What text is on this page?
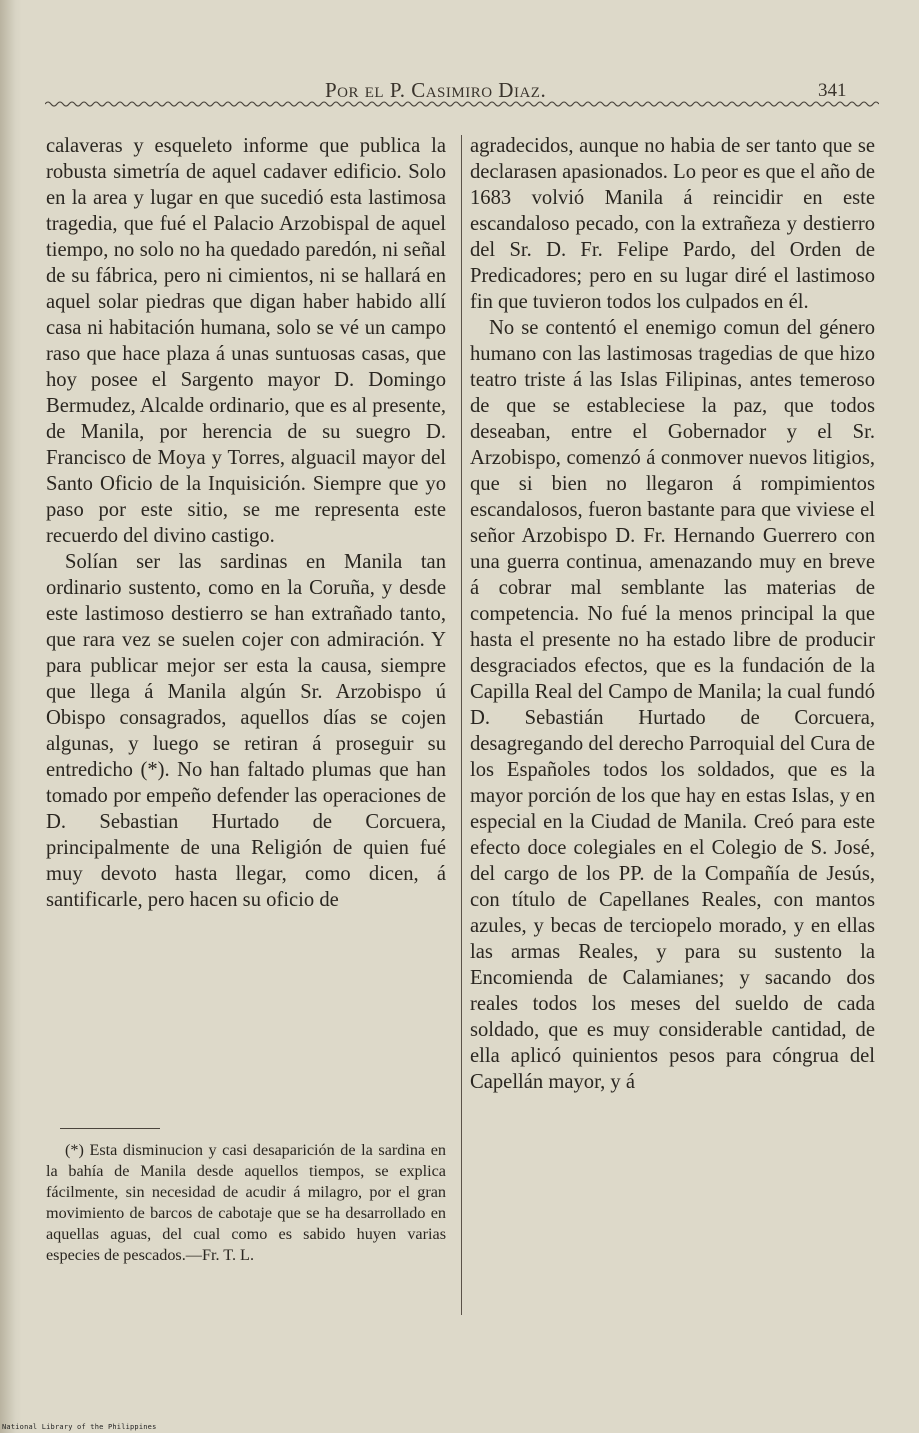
Por el P. Casimiro Diaz.	341

calaveras y esqueleto informe que publica la robusta simetría de aquel cadaver edificio. Solo en la area y lugar en que sucedió esta lastimosa tragedia, que fué el Palacio Arzobispal de aquel tiempo, no solo no ha quedado paredón, ni señal de su fábrica, pero ni cimientos, ni se hallará en aquel solar piedras que digan haber habido allí casa ni habitación humana, solo se vé un campo raso que hace plaza á unas suntuosas casas, que hoy posee el Sargento mayor D. Domingo Bermudez, Alcalde ordinario, que es al presente, de Manila, por herencia de su suegro D. Francisco de Moya y Torres, alguacil mayor del Santo Oficio de la Inquisición. Siempre que yo paso por este sitio, se me representa este recuerdo del divino castigo.

Solían ser las sardinas en Manila tan ordinario sustento, como en la Coruña, y desde este lastimoso destierro se han extrañado tanto, que rara vez se suelen cojer con admiración. Y para publicar mejor ser esta la causa, siempre que llega á Manila algún Sr. Arzobispo ú Obispo consagrados, aquellos días se cojen algunas, y luego se retiran á proseguir su entredicho (*). No han faltado plumas que han tomado por empeño defender las operaciones de D. Sebastian Hurtado de Corcuera, principalmente de una Religión de quien fué muy devoto hasta llegar, como dicen, á santificarle, pero hacen su oficio de

agradecidos, aunque no habia de ser tanto que se declarasen apasionados. Lo peor es que el año de 1683 volvió Manila á reincidir en este escandaloso pecado, con la extrañeza y destierro del Sr. D. Fr. Felipe Pardo, del Orden de Predicadores; pero en su lugar diré el lastimoso fin que tuvieron todos los culpados en él.

No se contentó el enemigo comun del género humano con las lastimosas tragedias de que hizo teatro triste á las Islas Filipinas, antes temeroso de que se estableciese la paz, que todos deseaban, entre el Gobernador y el Sr. Arzobispo, comenzó á conmover nuevos litigios, que si bien no llegaron á rompimientos escandalosos, fueron bastante para que viviese el señor Arzobispo D. Fr. Hernando Guerrero con una guerra continua, amenazando muy en breve á cobrar mal semblante las materias de competencia. No fué la menos principal la que hasta el presente no ha estado libre de producir desgraciados efectos, que es la fundación de la Capilla Real del Campo de Manila; la cual fundó D. Sebastián Hurtado de Corcuera, desagregando del derecho Parroquial del Cura de los Españoles todos los soldados, que es la mayor porción de los que hay en estas Islas, y en especial en la Ciudad de Manila. Creó para este efecto doce colegiales en el Colegio de S. José, del cargo de los PP. de la Compañía de Jesús, con título de Capellanes Reales, con mantos azules, y becas de terciopelo morado, y en ellas las armas Reales, y para su sustento la Encomienda de Calamianes; y sacando dos reales todos los meses del sueldo de cada soldado, que es muy considerable cantidad, de ella aplicó quinientos pesos para cóngrua del Capellán mayor, y á

(*) Esta disminucion y casi desaparición de la sardina en la bahía de Manila desde aquellos tiempos, se explica fácilmente, sin necesidad de acudir á milagro, por el gran movimiento de barcos de cabotaje que se ha desarrollado en aquellas aguas, del cual como es sabido huyen varias especies de pescados.—Fr. T. L.

National Library of the Philippines
